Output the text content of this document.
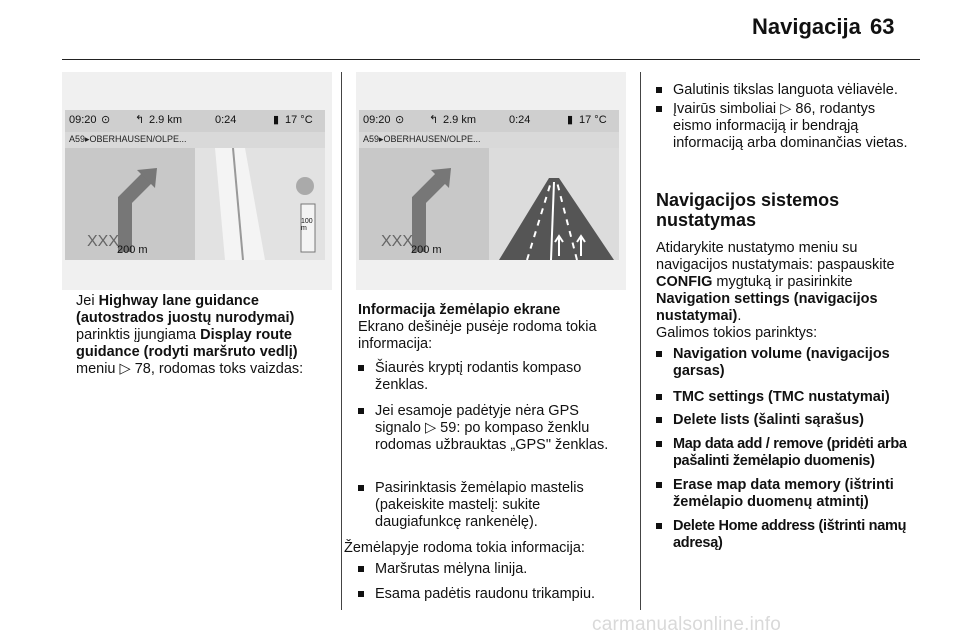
Navigacija 63
09:20 ⊙ ↰ 2.9 km	0:24	▮ 17 °C
A59▸OBERHAUSEN/OLPE...
XXX
200 m
100
m
09:20 ⊙ ↰ 2.9 km	0:24	▮ 17 °C
A59▸OBERHAUSEN/OLPE...
XXX
200 m
Jei Highway lane guidance (autostrados juostų nurodymai) parinktis įjungiama Display route guidance (rodyti maršruto vedlį) meniu ▷ 78, rodomas toks vaizdas:
Informacija žemėlapio ekrane
Ekrano dešinėje pusėje rodoma tokia informacija:
Šiaurės kryptį rodantis kompaso ženklas.
Jei esamoje padėtyje nėra GPS signalo ▷ 59: po kompaso ženklu rodomas užbrauktas „GPS" ženklas.
Pasirinktasis žemėlapio mastelis (pakeiskite mastelį: sukite daugiafunkcę rankenėlę).
Žemėlapyje rodoma tokia informacija:
Maršrutas mėlyna linija.
Esama padėtis raudonu trikampiu.
Galutinis tikslas languota vėliavėle.
Įvairūs simboliai ▷ 86, rodantys eismo informaciją ir bendrąją informaciją arba dominančias vietas.
Navigacijos sistemos nustatymas
Atidarykite nustatymo meniu su navigacijos nustatymais: paspauskite CONFIG mygtuką ir pasirinkite Navigation settings (navigacijos nustatymai).
Galimos tokios parinktys:
Navigation volume (navigacijos garsas)
TMC settings (TMC nustatymai)
Delete lists (šalinti sąrašus)
Map data add / remove (pridėti arba pašalinti žemėlapio duomenis)
Erase map data memory (ištrinti žemėlapio duomenų atmintį)
Delete Home address (ištrinti namų adresą)
carmanualsonline.info
